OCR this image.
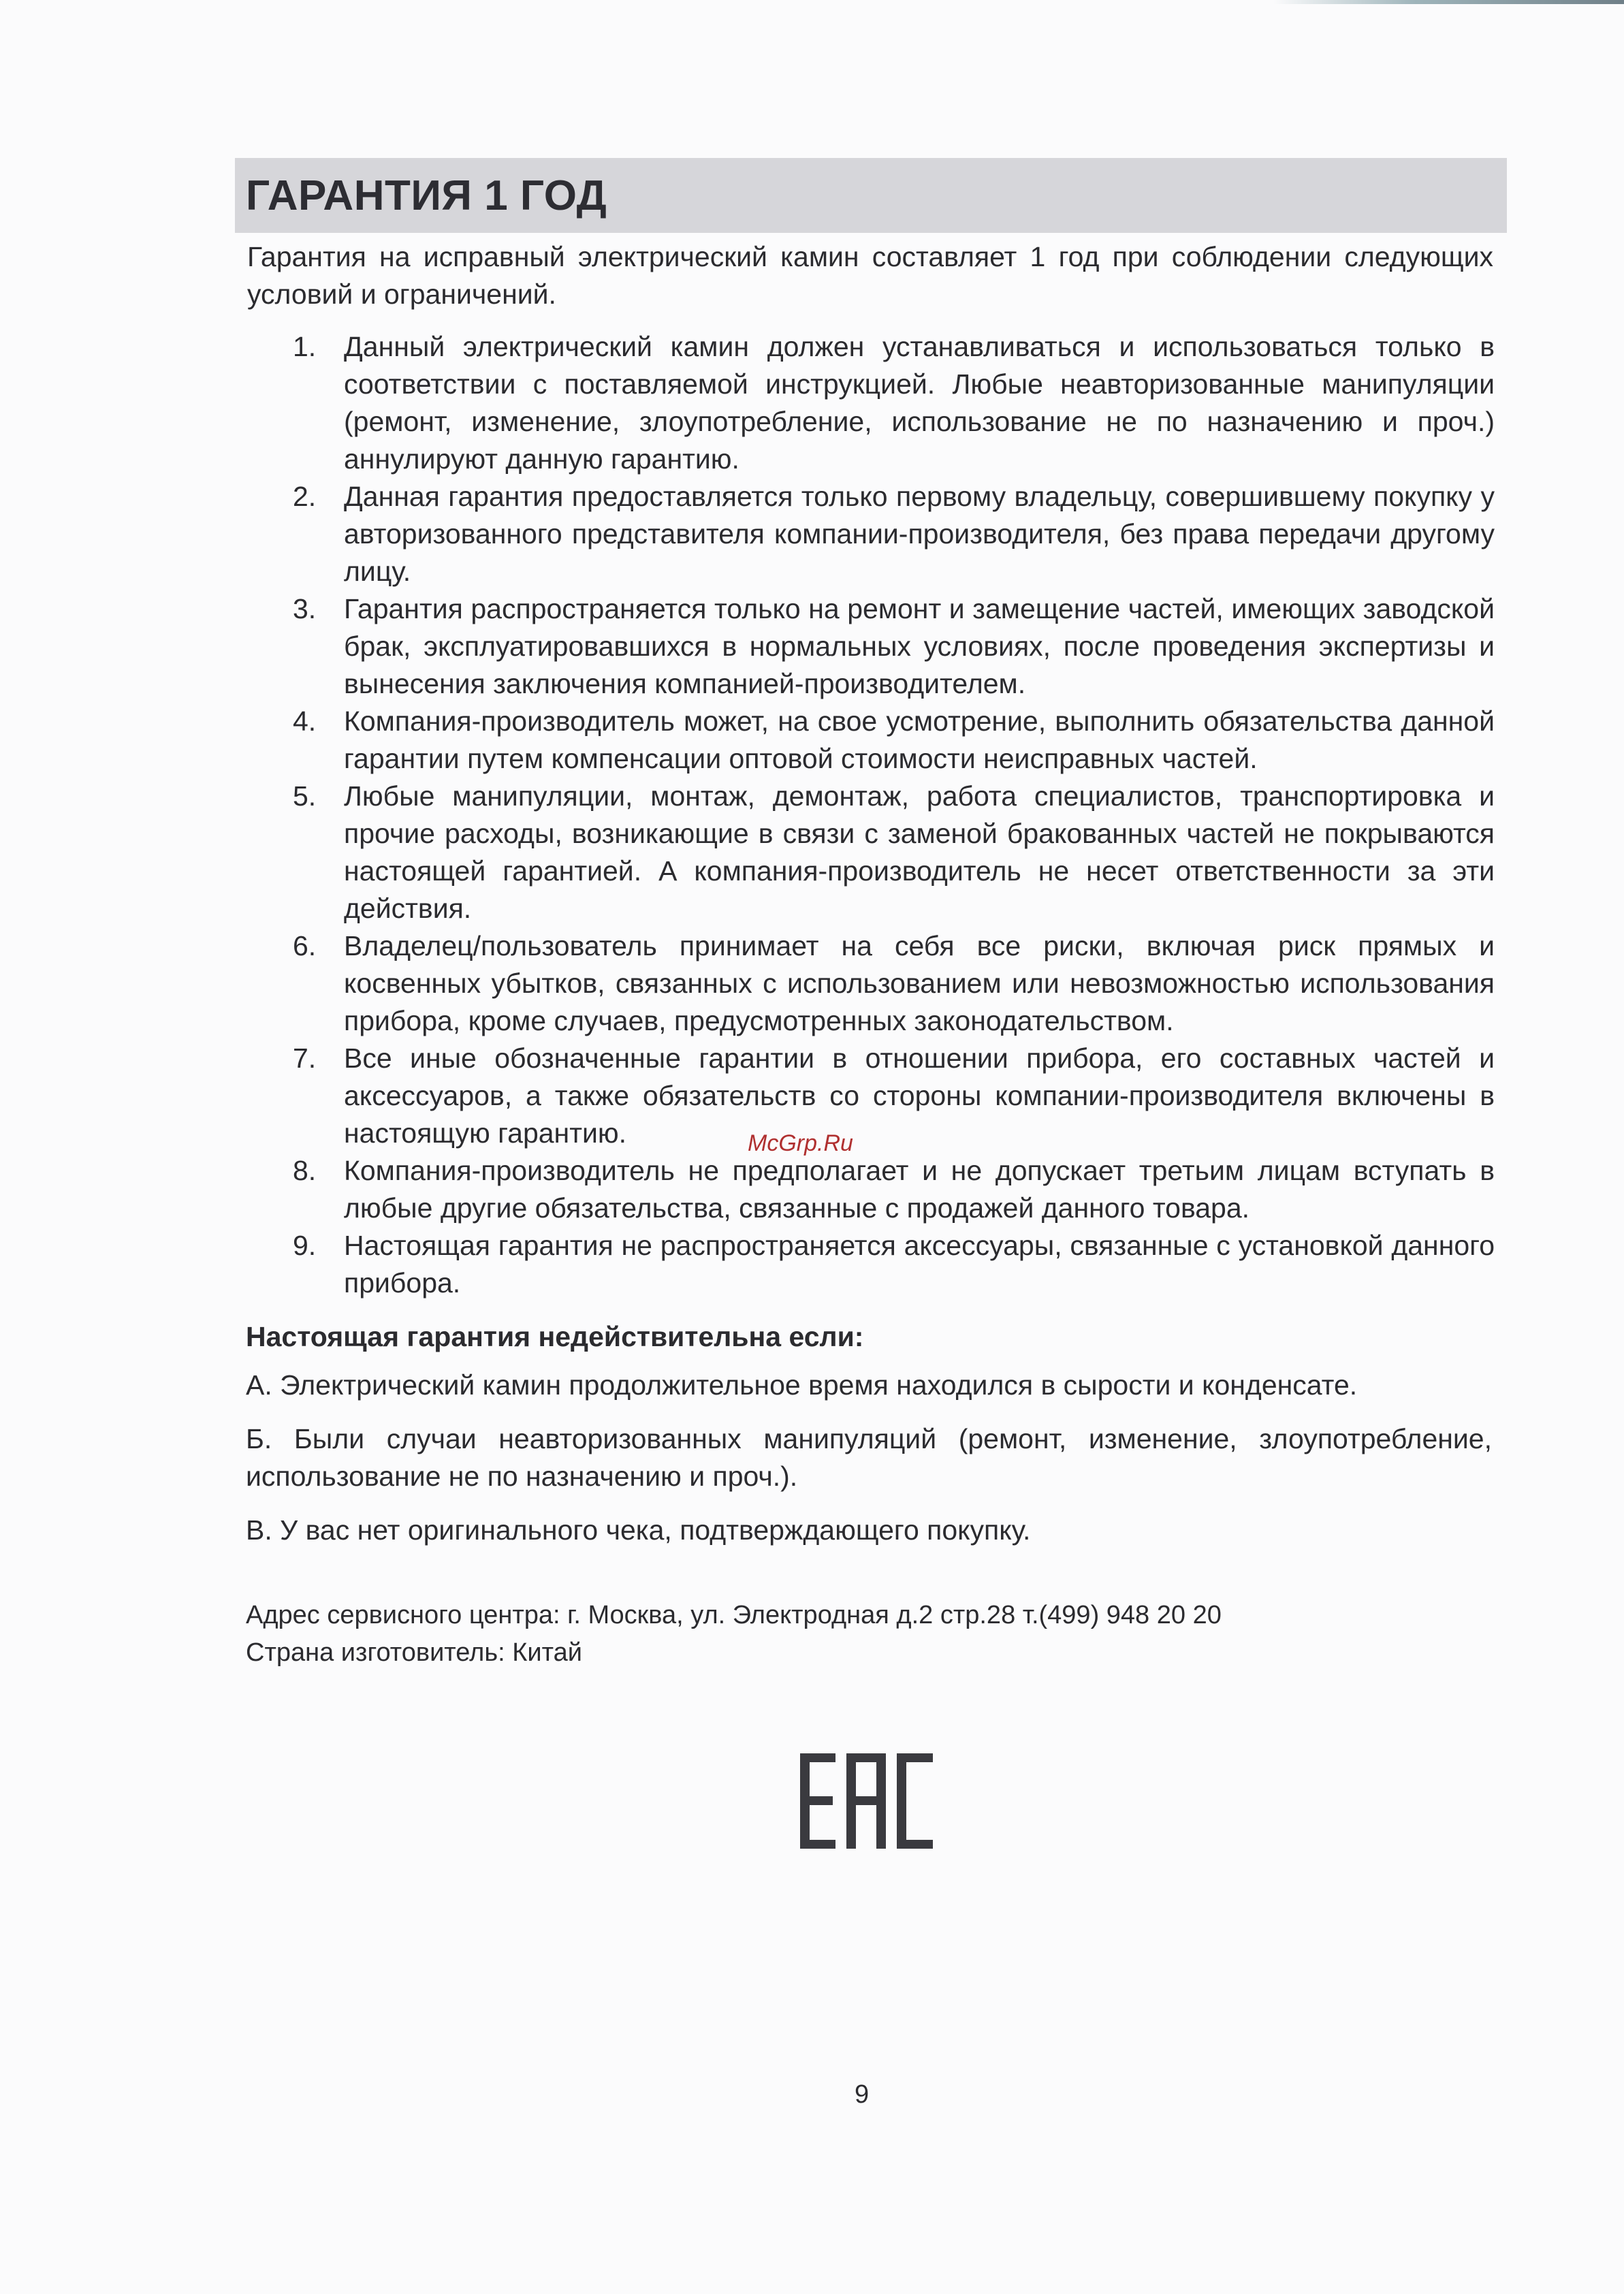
ГАРАНТИЯ 1 ГОД

Гарантия на исправный электрический камин составляет 1 год при соблюдении следующих условий и ограничений.

1. Данный электрический камин должен устанавливаться и использоваться только в соответствии с поставляемой инструкцией. Любые неавторизованные манипуляции (ремонт, изменение, злоупотребление, использование не по назначению и проч.) аннулируют данную гарантию.
2. Данная гарантия предоставляется только первому владельцу, совершившему покупку у авторизованного представителя компании-производителя, без права передачи другому лицу.
3. Гарантия распространяется только на ремонт и замещение частей, имеющих заводской брак, эксплуатировавшихся в нормальных условиях, после проведения экспертизы и вынесения заключения компанией-производителем.
4. Компания-производитель может, на свое усмотрение, выполнить обязательства данной гарантии путем компенсации оптовой стоимости неисправных частей.
5. Любые манипуляции, монтаж, демонтаж, работа специалистов, транспортировка и прочие расходы, возникающие в связи с заменой бракованных частей не покрываются настоящей гарантией. А компания-производитель не несет ответственности за эти действия.
6. Владелец/пользователь принимает на себя все риски, включая риск прямых и косвенных убытков, связанных с использованием или невозможностью использования прибора, кроме случаев, предусмотренных законодательством.
7. Все иные обозначенные гарантии в отношении прибора, его составных частей и аксессуаров, а также обязательств со стороны компании-производителя включены в настоящую гарантию.
8. Компания-производитель не предполагает и не допускает третьим лицам вступать в любые другие обязательства, связанные с продажей данного товара.
9. Настоящая гарантия не распространяется аксессуары, связанные с установкой данного прибора.
Настоящая гарантия недействительна если:

А. Электрический камин продолжительное время находился в сырости и конденсате.

Б. Были случаи неавторизованных манипуляций (ремонт, изменение, злоупотребление, использование не по назначению и проч.).

В. У вас нет оригинального чека, подтверждающего покупку.

Адрес сервисного центра: г. Москва, ул. Электродная д.2 стр.28 т.(499) 948 20 20
Страна изготовитель: Китай
McGrp.Ru
9
